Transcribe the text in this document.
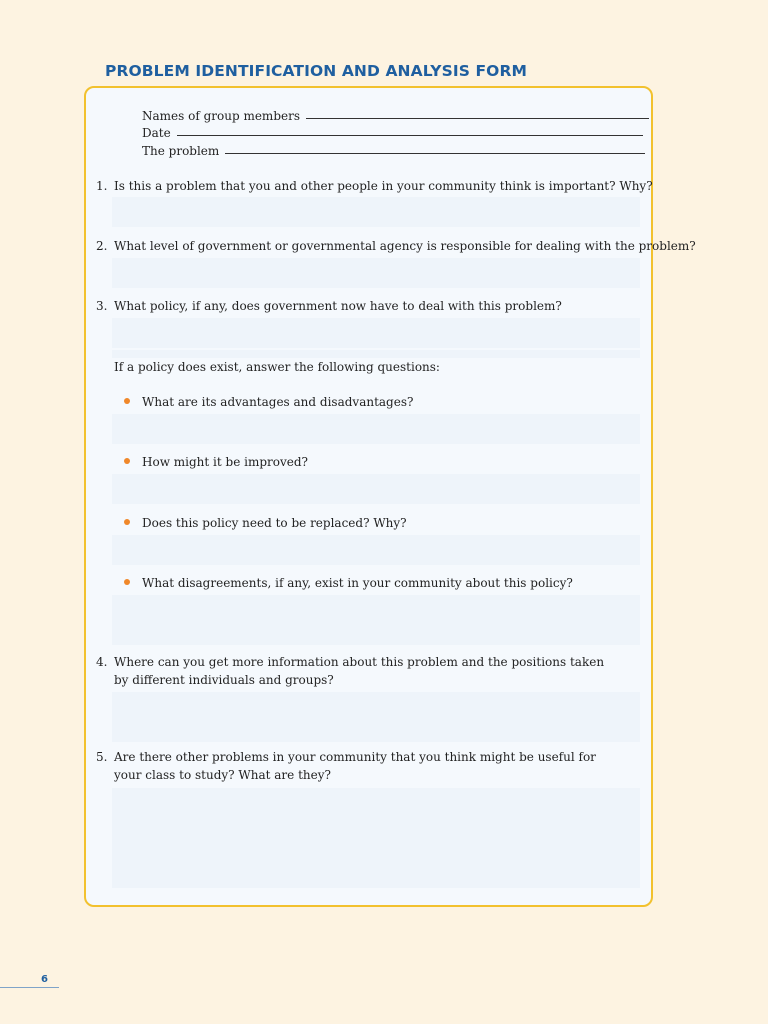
PROBLEM IDENTIFICATION AND ANALYSIS FORM
Names of group members
Date
The problem
1. Is this a problem that you and other people in your community think is important? Why?
2. What level of government or governmental agency is responsible for dealing with the problem?
3. What policy, if any, does government now have to deal with this problem?
If a policy does exist, answer the following questions:
What are its advantages and disadvantages?
How might it be improved?
Does this policy need to be replaced? Why?
What disagreements, if any, exist in your community about this policy?
4. Where can you get more information about this problem and the positions taken
by different individuals and groups?
5. Are there other problems in your community that you think might be useful for
your class to study? What are they?
6
